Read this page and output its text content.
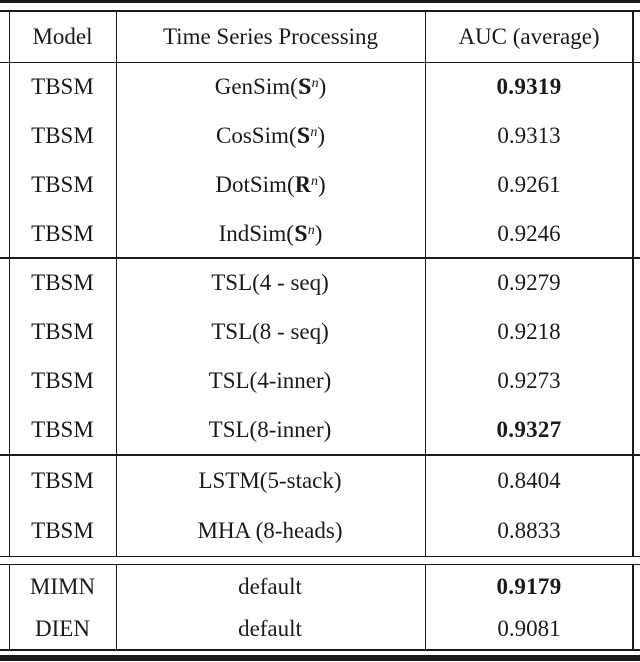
Model	Time Series Processing	AUC (average)
TBSM	$GenSim(S^n)$	0.9319
TBSM	$CosSim(S^n)$	0.9313
TBSM	$DotSim(R^n)$	0.9261
TBSM	$IndSim(S^n)$	0.9246
TBSM	TSL(4 - seq)	0.9279
TBSM	TSL(8 - seq)	0.9218
TBSM	TSL(4-inner)	0.9273
TBSM	TSL(8-inner)	0.9327
TBSM	LSTM(5-stack)	0.8404
TBSM	MHA (8-heads)	0.8833
MIMN	default	0.9179
DIEN	default	0.9081
